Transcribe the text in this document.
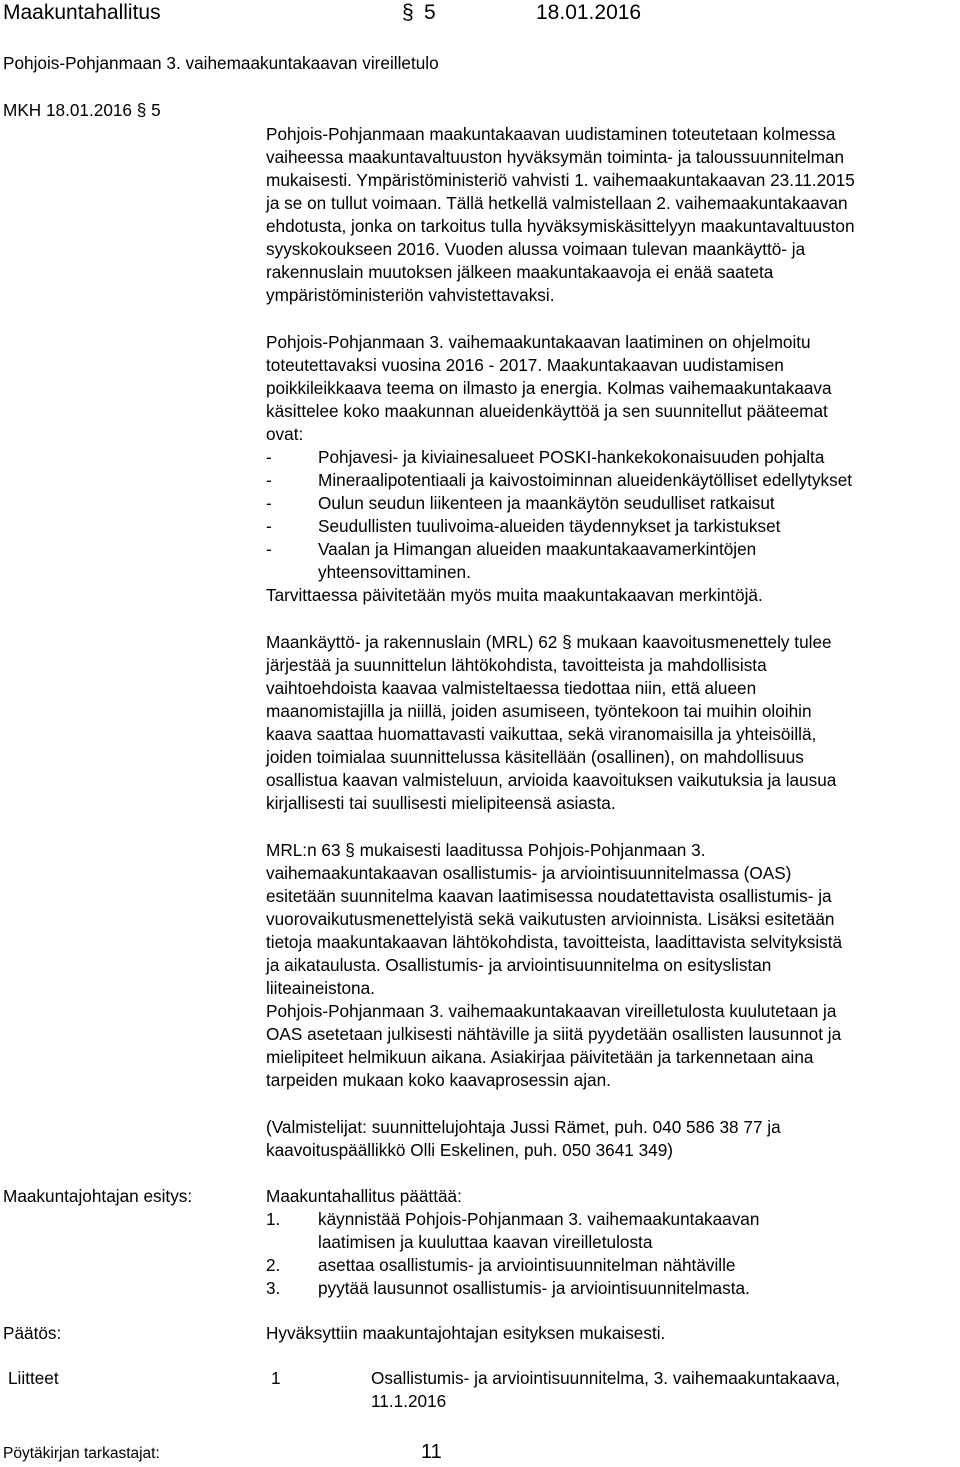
Maakuntahallitus	§ 5	18.01.2016
Pohjois-Pohjanmaan 3. vaihemaakuntakaavan vireilletulo
MKH 18.01.2016 § 5
Pohjois-Pohjanmaan maakuntakaavan uudistaminen toteutetaan kolmessa
vaiheessa maakuntavaltuuston hyväksymän toiminta- ja taloussuunnitelman
mukaisesti. Ympäristöministeriö vahvisti 1. vaihemaakuntakaavan 23.11.2015
ja se on tullut voimaan. Tällä hetkellä valmistellaan 2. vaihemaakuntakaavan
ehdotusta, jonka on tarkoitus tulla hyväksymiskäsittelyyn maakuntavaltuuston
syyskokoukseen 2016. Vuoden alussa voimaan tulevan maankäyttö- ja
rakennuslain muutoksen jälkeen maakuntakaavoja ei enää saateta
ympäristöministeriön vahvistettavaksi.
Pohjois-Pohjanmaan 3. vaihemaakuntakaavan laatiminen on ohjelmoitu
toteutettavaksi vuosina 2016 - 2017. Maakuntakaavan uudistamisen
poikkileikkaava teema on ilmasto ja energia. Kolmas vaihemaakuntakaava
käsittelee koko maakunnan alueidenkäyttöä ja sen suunnitellut pääteemat
ovat:
-	Pohjavesi- ja kiviainesalueet POSKI-hankekokonaisuuden pohjalta
-	Mineraalipotentiaali ja kaivostoiminnan alueidenkäytölliset edellytykset
-	Oulun seudun liikenteen ja maankäytön seudulliset ratkaisut
-	Seudullisten tuulivoima-alueiden täydennykset ja tarkistukset
-	Vaalan ja Himangan alueiden maakuntakaavamerkintöjen
yhteensovittaminen.
Tarvittaessa päivitetään myös muita maakuntakaavan merkintöjä.
Maankäyttö- ja rakennuslain (MRL) 62 § mukaan kaavoitusmenettely tulee
järjestää ja suunnittelun lähtökohdista, tavoitteista ja mahdollisista
vaihtoehdoista kaavaa valmisteltaessa tiedottaa niin, että alueen
maanomistajilla ja niillä, joiden asumiseen, työntekoon tai muihin oloihin
kaava saattaa huomattavasti vaikuttaa, sekä viranomaisilla ja yhteisöillä,
joiden toimialaa suunnittelussa käsitellään (osallinen), on mahdollisuus
osallistua kaavan valmisteluun, arvioida kaavoituksen vaikutuksia ja lausua
kirjallisesti tai suullisesti mielipiteensä asiasta.
MRL:n 63 § mukaisesti laaditussa Pohjois-Pohjanmaan 3.
vaihemaakuntakaavan osallistumis- ja arviointisuunnitelmassa (OAS)
esitetään suunnitelma kaavan laatimisessa noudatettavista osallistumis- ja
vuorovaikutusmenettelyistä sekä vaikutusten arvioinnista. Lisäksi esitetään
tietoja maakuntakaavan lähtökohdista, tavoitteista, laadittavista selvityksistä
ja aikataulusta. Osallistumis- ja arviointisuunnitelma on esityslistan
liiteaineistona.
Pohjois-Pohjanmaan 3. vaihemaakuntakaavan vireilletulosta kuulutetaan ja
OAS asetetaan julkisesti nähtäville ja siitä pyydetään osallisten lausunnot ja
mielipiteet helmikuun aikana. Asiakirjaa päivitetään ja tarkennetaan aina
tarpeiden mukaan koko kaavaprosessin ajan.
(Valmistelijat: suunnittelujohtaja Jussi Rämet, puh. 040 586 38 77 ja
kaavoituspäällikkö Olli Eskelinen, puh. 050 3641 349)
Maakuntajohtajan esitys:	Maakuntahallitus päättää:
1. käynnistää Pohjois-Pohjanmaan 3. vaihemaakuntakaavan
laatimisen ja kuuluttaa kaavan vireilletulosta
2. asettaa osallistumis- ja arviointisuunnitelman nähtäville
3. pyytää lausunnot osallistumis- ja arviointisuunnitelmasta.
Päätös:	Hyväksyttiin maakuntajohtajan esityksen mukaisesti.
Liitteet	1	Osallistumis- ja arviointisuunnitelma, 3. vaihemaakuntakaava,
11.1.2016
Pöytäkirjan tarkastajat:	11
